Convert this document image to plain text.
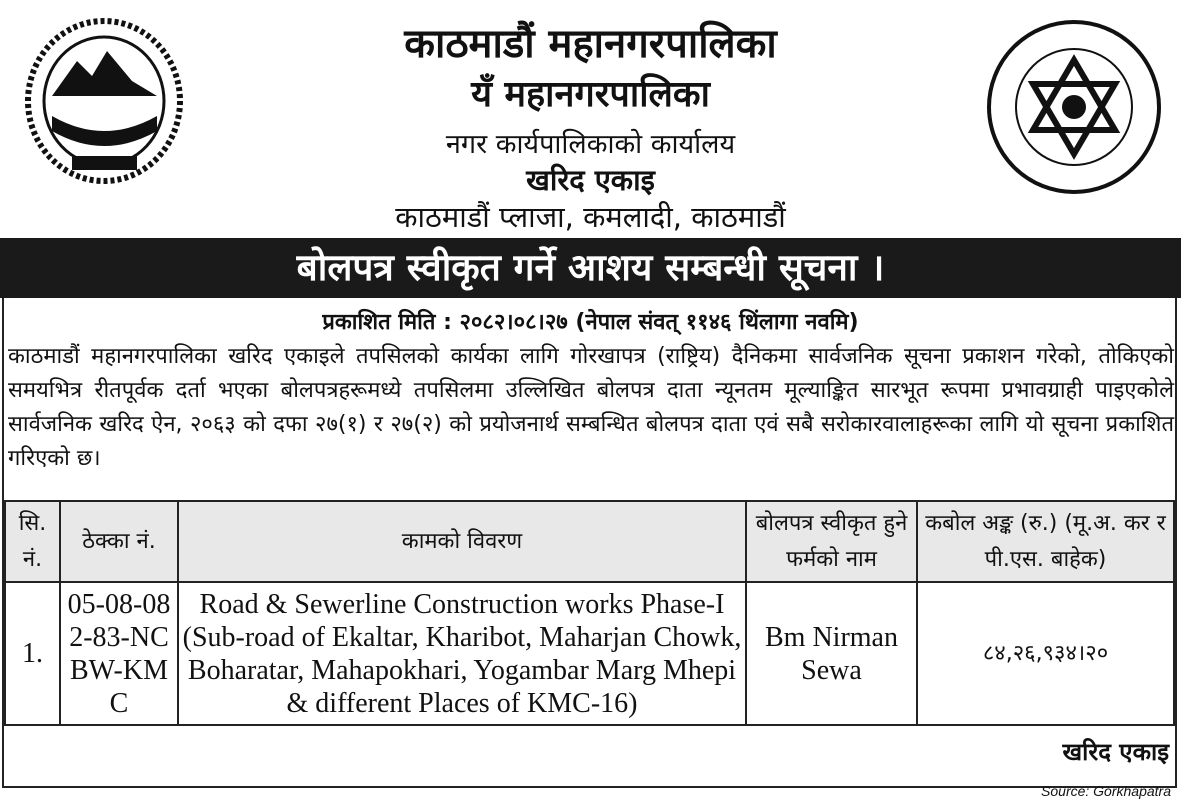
काठमाडौं महानगरपालिका
यँ महानगरपालिका
नगर कार्यपालिकाको कार्यालय
खरिद एकाइ
काठमाडौं प्लाजा, कमलादी, काठमाडौं
बोलपत्र स्वीकृत गर्ने आशय सम्बन्धी सूचना ।
प्रकाशित मिति : २०८२।०८।२७ (नेपाल संवत् ११४६ थिंलागा नवमि)
काठमाडौं महानगरपालिका खरिद एकाइले तपसिलको कार्यका लागि गोरखापत्र (राष्ट्रिय) दैनिकमा सार्वजनिक सूचना प्रकाशन गरेको, तोकिएको समयभित्र रीतपूर्वक दर्ता भएका बोलपत्रहरूमध्ये तपसिलमा उल्लिखित बोलपत्र दाता न्यूनतम मूल्याङ्कित सारभूत रूपमा प्रभावग्राही पाइएकोले सार्वजनिक खरिद ऐन, २०६३ को दफा २७(१) र २७(२) को प्रयोजनार्थ सम्बन्धित बोलपत्र दाता एवं सबै सरोकारवालाहरूका लागि यो सूचना प्रकाशित गरिएको छ।
सि. नं.	ठेक्का नं.	कामको विवरण	बोलपत्र स्वीकृत हुने फर्मको नाम	कबोल अङ्क (रु.) (मू.अ. कर र पी.एस. बाहेक)
1.	05-08-082-83-NCBW-KMC	Road & Sewerline Construction works Phase-I (Sub-road of Ekaltar, Kharibot, Maharjan Chowk, Boharatar, Mahapokhari, Yogambar Marg Mhepi & different Places of KMC-16)	Bm Nirman Sewa	८४,२६,९३४।२०
खरिद एकाइ
Source: Gorkhapatra
